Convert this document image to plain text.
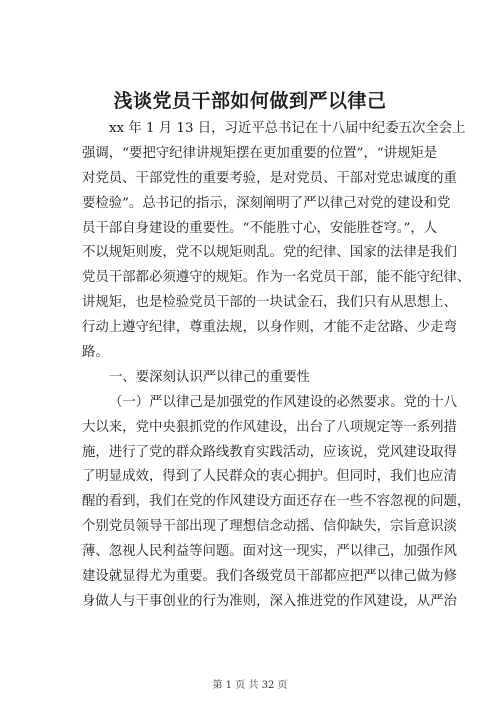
浅谈党员干部如何做到严以律己
xx 年 1 月 13 日，习近平总书记在十八届中纪委五次全会上
强调，“要把守纪律讲规矩摆在更加重要的位置”，“讲规矩是
对党员、干部党性的重要考验，是对党员、干部对党忠诚度的重
要检验”。总书记的指示，深刻阐明了严以律己对党的建设和党
员干部自身建设的重要性。“不能胜寸心，安能胜苍穹。”，人
不以规矩则废，党不以规矩则乱。党的纪律、国家的法律是我们
党员干部都必须遵守的规矩。作为一名党员干部，能不能守纪律、
讲规矩，也是检验党员干部的一块试金石，我们只有从思想上、
行动上遵守纪律，尊重法规，以身作则，才能不走岔路、少走弯
路。
一、要深刻认识严以律己的重要性
（一）严以律己是加强党的作风建设的必然要求。党的十八
大以来，党中央狠抓党的作风建设，出台了八项规定等一系列措
施，进行了党的群众路线教育实践活动，应该说，党风建设取得
了明显成效，得到了人民群众的衷心拥护。但同时，我们也应清
醒的看到，我们在党的作风建设方面还存在一些不容忽视的问题，
个别党员领导干部出现了理想信念动摇、信仰缺失，宗旨意识淡
薄、忽视人民利益等问题。面对这一现实，严以律己，加强作风
建设就显得尤为重要。我们各级党员干部都应把严以律己做为修
身做人与干事创业的行为准则，深入推进党的作风建设，从严治
第 1 页 共 32 页
